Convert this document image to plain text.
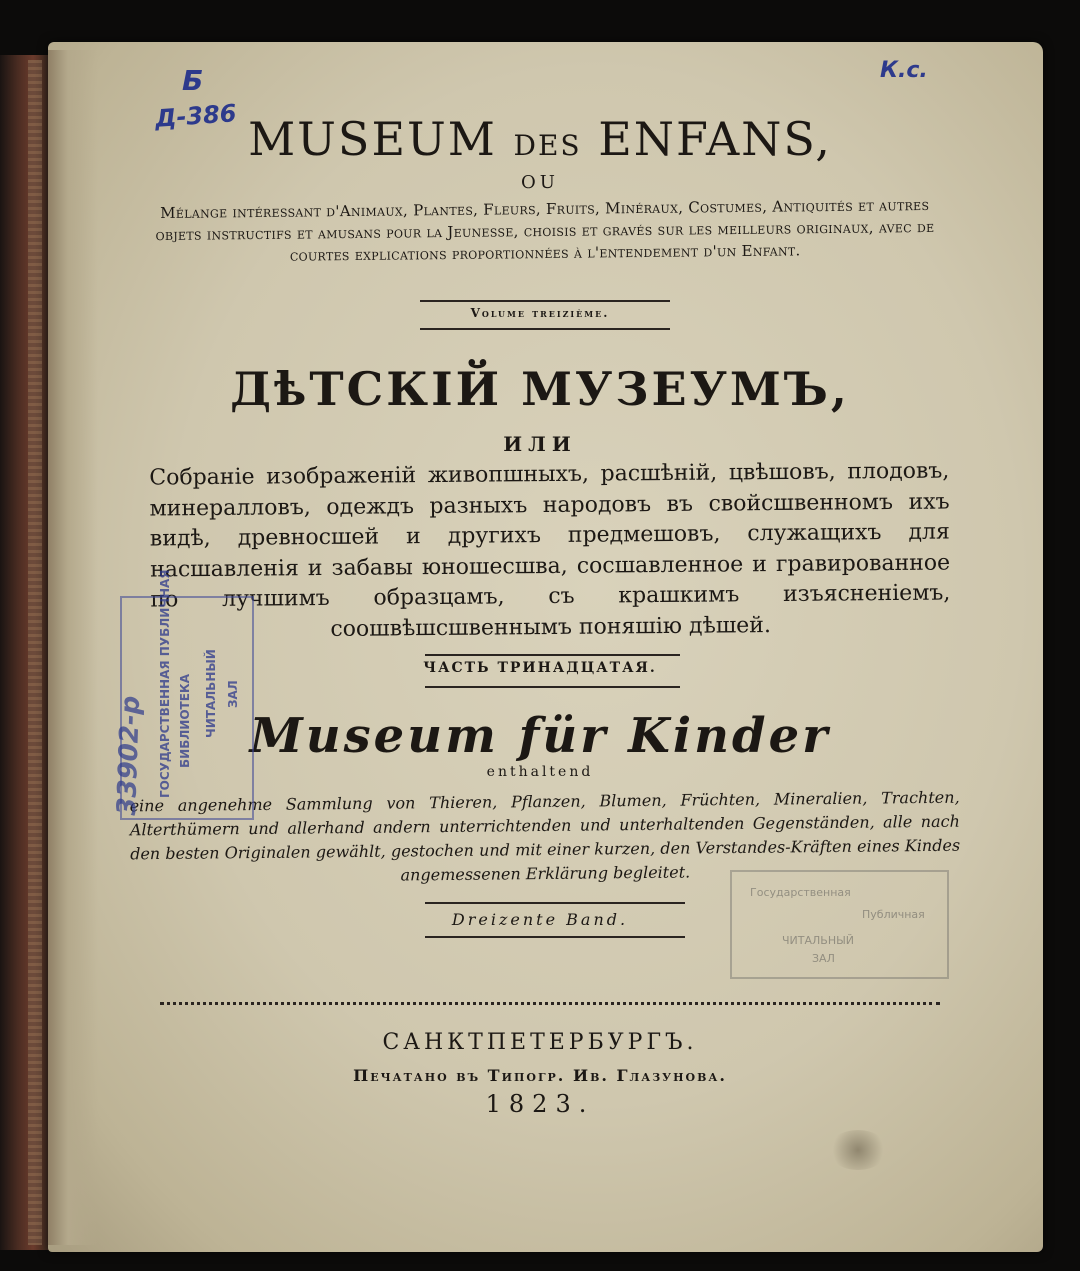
Б
Д-386
К.с.
MUSEUM DES ENFANS,
OU
Mélange intéressant d'Animaux, Plantes, Fleurs, Fruits, Minéraux, Costumes, Antiquités et autres objets instructifs et amusans pour la Jeunesse, choisis et gravés sur les meilleurs originaux, avec de courtes explications proportionnées à l'entendement d'un Enfant.
Volume treizième.
ДѣТСКІЙ МУЗЕУМЪ,
ИЛИ
Собраніе изображеній живопшныхъ, расшѣній, цвѣшовъ, плодовъ, минералловъ, одеждъ разныхъ народовъ въ свойсшвенномъ ихъ видѣ, древносшей и другихъ предмешовъ, служащихъ для насшавленія и забавы юношесшва, сосшавленное и гравированное по лучшимъ образцамъ, съ крашкимъ изъясненіемъ, соошвѣшсшвеннымъ поняшію дѣшей.
ЧАСТЬ ТРИНАДЦАТАЯ.
Museum für Kinder
enthaltend
eine angenehme Sammlung von Thieren, Pflanzen, Blumen, Früchten, Mineralien, Trachten, Alterthümern und allerhand andern unterrichtenden und unterhaltenden Gegenständen, alle nach den besten Originalen gewählt, gestochen und mit einer kurzen, den Verstandes-Kräften eines Kindes angemessenen Erklärung begleitet.
Dreizente Band.
САНКТПЕТЕРБУРГЪ.
Печатано въ Типогр. Ив. Глазунова.
1823.
ГОСУДАРСТВЕННАЯ ПУБЛИЧНАЯ БИБЛИОТЕКА ЧИТАЛЬНЫЙ ЗАЛ
33902-р
Государственная
Публичная
ЧИТАЛЬНЫЙ
ЗАЛ
